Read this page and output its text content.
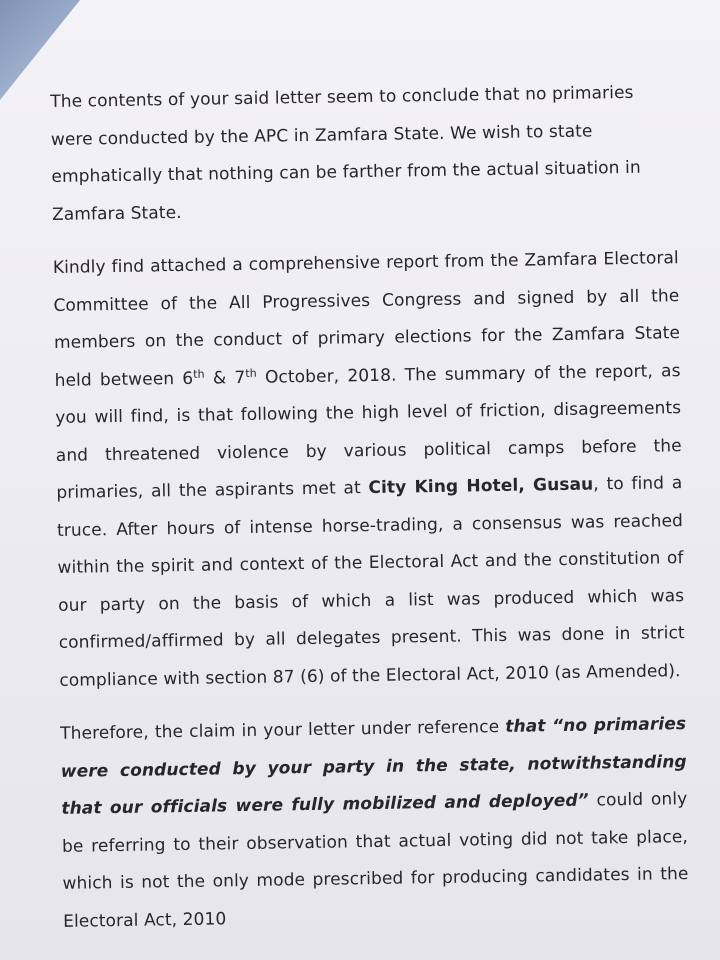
The contents of your said letter seem to conclude that no primaries were conducted by the APC in Zamfara State. We wish to state emphatically that nothing can be farther from the actual situation in Zamfara State.

Kindly find attached a comprehensive report from the Zamfara Electoral Committee of the All Progressives Congress and signed by all the members on the conduct of primary elections for the Zamfara State held between 6th & 7th October, 2018. The summary of the report, as you will find, is that following the high level of friction, disagreements and threatened violence by various political camps before the primaries, all the aspirants met at City King Hotel, Gusau, to find a truce. After hours of intense horse-trading, a consensus was reached within the spirit and context of the Electoral Act and the constitution of our party on the basis of which a list was produced which was confirmed/affirmed by all delegates present. This was done in strict compliance with section 87 (6) of the Electoral Act, 2010 (as Amended).

Therefore, the claim in your letter under reference that “no primaries were conducted by your party in the state, notwithstanding that our officials were fully mobilized and deployed” could only be referring to their observation that actual voting did not take place, which is not the only mode prescribed for producing candidates in the Electoral Act, 2010
